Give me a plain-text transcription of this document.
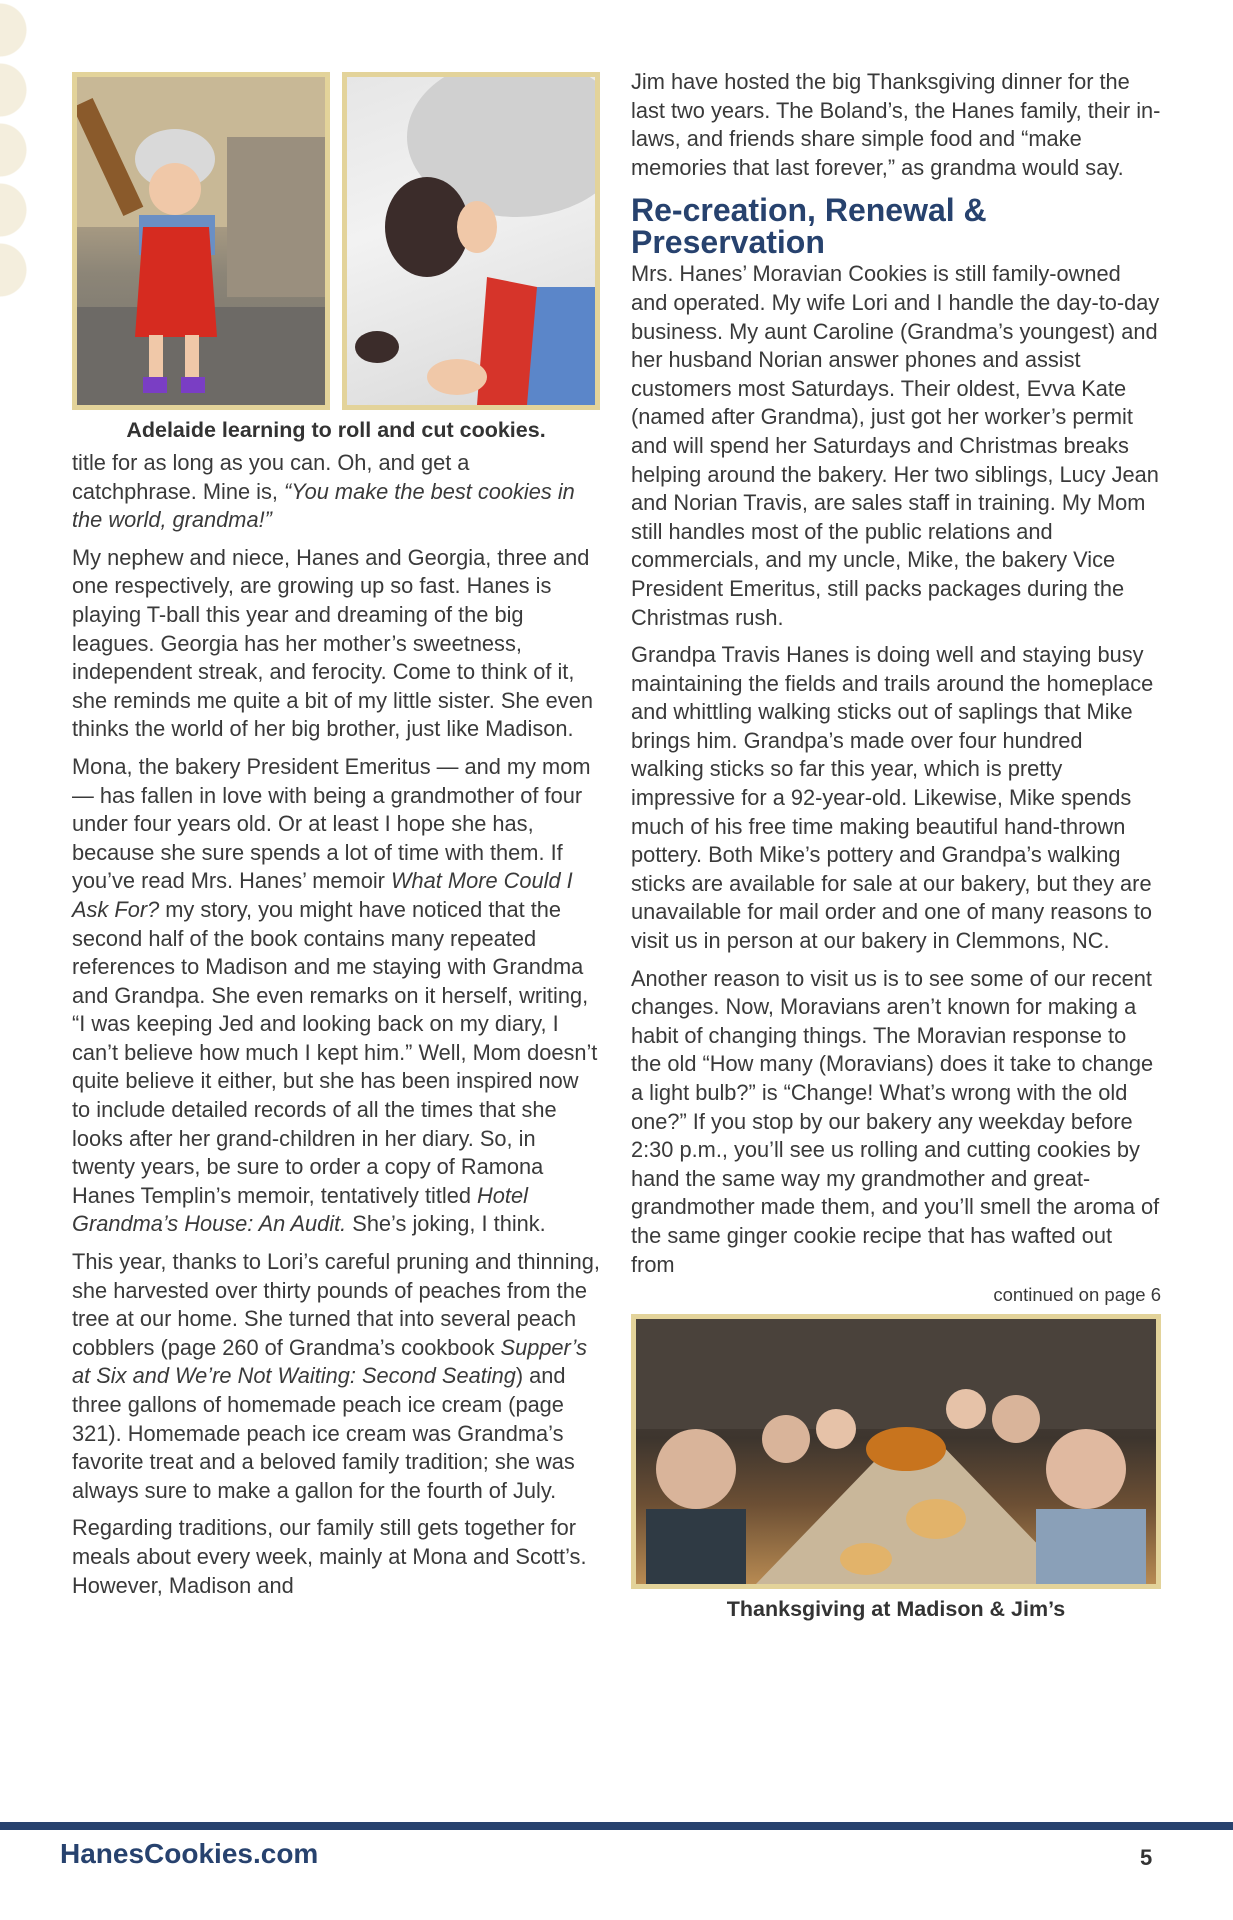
Adelaide learning to roll and cut cookies.

title for as long as you can. Oh, and get a catchphrase. Mine is, “You make the best cookies in the world, grandma!”

My nephew and niece, Hanes and Georgia, three and one respectively, are growing up so fast. Hanes is playing T-ball this year and dreaming of the big leagues. Georgia has her mother’s sweetness, independent streak, and ferocity. Come to think of it, she reminds me quite a bit of my little sister. She even thinks the world of her big brother, just like Madison.

Mona, the bakery President Emeritus — and my mom — has fallen in love with being a grandmother of four under four years old. Or at least I hope she has, because she sure spends a lot of time with them. If you’ve read Mrs. Hanes’ memoir What More Could I Ask For? my story, you might have noticed that the second half of the book contains many repeated references to Madison and me staying with Grandma and Grandpa. She even remarks on it herself, writing, “I was keeping Jed and looking back on my diary, I can’t believe how much I kept him.” Well, Mom doesn’t quite believe it either, but she has been inspired now to include detailed records of all the times that she looks after her grand-children in her diary. So, in twenty years, be sure to order a copy of Ramona Hanes Templin’s memoir, tentatively titled Hotel Grandma’s House: An Audit. She’s joking, I think.

This year, thanks to Lori’s careful pruning and thinning, she harvested over thirty pounds of peaches from the tree at our home. She turned that into several peach cobblers (page 260 of Grandma’s cookbook Supper’s at Six and We’re Not Waiting: Second Seating) and three gallons of homemade peach ice cream (page 321). Homemade peach ice cream was Grandma’s favorite treat and a beloved family tradition; she was always sure to make a gallon for the fourth of July.

Regarding traditions, our family still gets together for meals about every week, mainly at Mona and Scott’s. However, Madison and

Jim have hosted the big Thanksgiving dinner for the last two years. The Boland’s, the Hanes family, their in-laws, and friends share simple food and “make memories that last forever,” as grandma would say.

Re-creation, Renewal & Preservation

Mrs. Hanes’ Moravian Cookies is still family-owned and operated. My wife Lori and I handle the day-to-day business. My aunt Caroline (Grandma’s youngest) and her husband Norian answer phones and assist customers most Saturdays. Their oldest, Evva Kate (named after Grandma), just got her worker’s permit and will spend her Saturdays and Christmas breaks helping around the bakery. Her two siblings, Lucy Jean and Norian Travis, are sales staff in training. My Mom still handles most of the public relations and commercials, and my uncle, Mike, the bakery Vice President Emeritus, still packs packages during the Christmas rush.

Grandpa Travis Hanes is doing well and staying busy maintaining the fields and trails around the homeplace and whittling walking sticks out of saplings that Mike brings him. Grandpa’s made over four hundred walking sticks so far this year, which is pretty impressive for a 92-year-old. Likewise, Mike spends much of his free time making beautiful hand-thrown pottery. Both Mike’s pottery and Grandpa’s walking sticks are available for sale at our bakery, but they are unavailable for mail order and one of many reasons to visit us in person at our bakery in Clemmons, NC.

Another reason to visit us is to see some of our recent changes. Now, Moravians aren’t known for making a habit of changing things. The Moravian response to the old “How many (Moravians) does it take to change a light bulb?” is “Change! What’s wrong with the old one?” If you stop by our bakery any weekday before 2:30 p.m., you’ll see us rolling and cutting cookies by hand the same way my grandmother and great-grandmother made them, and you’ll smell the aroma of the same ginger cookie recipe that has wafted out from

continued on page 6
Thanksgiving at Madison & Jim’s
HanesCookies.com	5
